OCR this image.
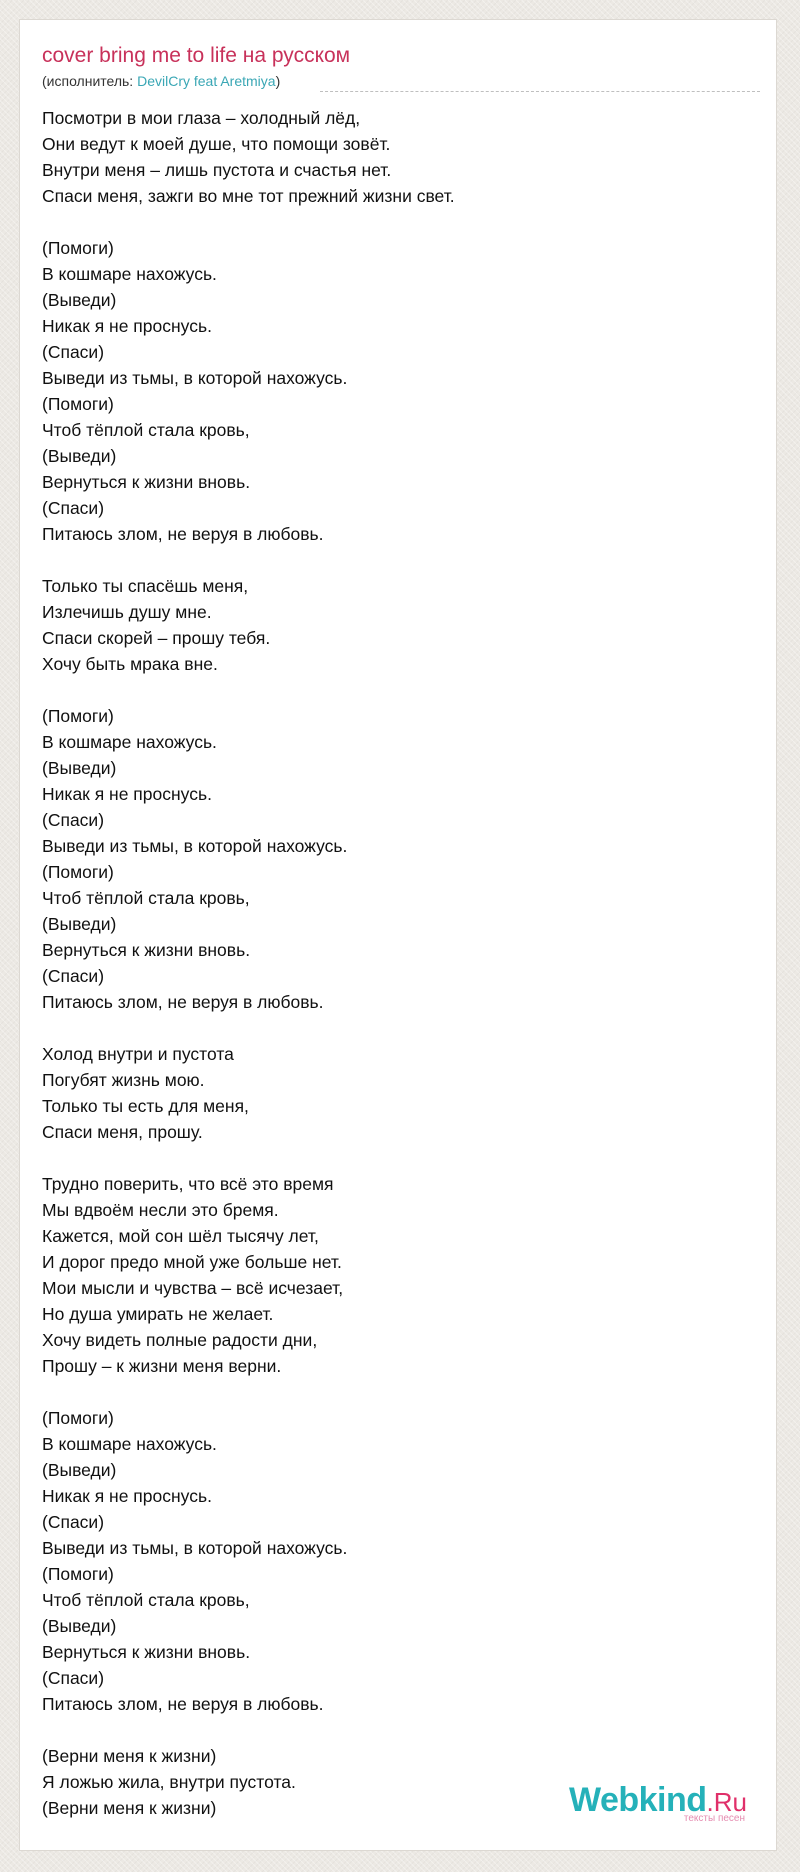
cover bring me to life на русском
(исполнитель: DevilCry feat Aretmiya)
Посмотри в мои глаза – холодный лёд,
Они ведут к моей душе, что помощи зовёт.
Внутри меня – лишь пустота и счастья нет.
Спаси меня, зажги во мне тот прежний жизни свет.

(Помоги)
В кошмаре нахожусь.
(Выведи)
Никак я не проснусь.
(Спаси)
Выведи из тьмы, в которой нахожусь.
(Помоги)
Чтоб тёплой стала кровь,
(Выведи)
Вернуться к жизни вновь.
(Спаси)
Питаюсь злом, не веруя в любовь.

Только ты спасёшь меня,
Излечишь душу мне.
Спаси скорей – прошу тебя.
Хочу быть мрака вне.

(Помоги)
В кошмаре нахожусь.
(Выведи)
Никак я не проснусь.
(Спаси)
Выведи из тьмы, в которой нахожусь.
(Помоги)
Чтоб тёплой стала кровь,
(Выведи)
Вернуться к жизни вновь.
(Спаси)
Питаюсь злом, не веруя в любовь.

Холод внутри и пустота
Погубят жизнь мою.
Только ты есть для меня,
Спаси меня, прошу.

Трудно поверить, что всё это время
Мы вдвоём несли это бремя.
Кажется, мой сон шёл тысячу лет,
И дорог предо мной уже больше нет.
Мои мысли и чувства – всё исчезает,
Но душа умирать не желает.
Хочу видеть полные радости дни,
Прошу – к жизни меня верни.

(Помоги)
В кошмаре нахожусь.
(Выведи)
Никак я не проснусь.
(Спаси)
Выведи из тьмы, в которой нахожусь.
(Помоги)
Чтоб тёплой стала кровь,
(Выведи)
Вернуться к жизни вновь.
(Спаси)
Питаюсь злом, не веруя в любовь.

(Верни меня к жизни)
Я ложью жила, внутри пустота.
(Верни меня к жизни)	Webkind.Ru
тексты песен
